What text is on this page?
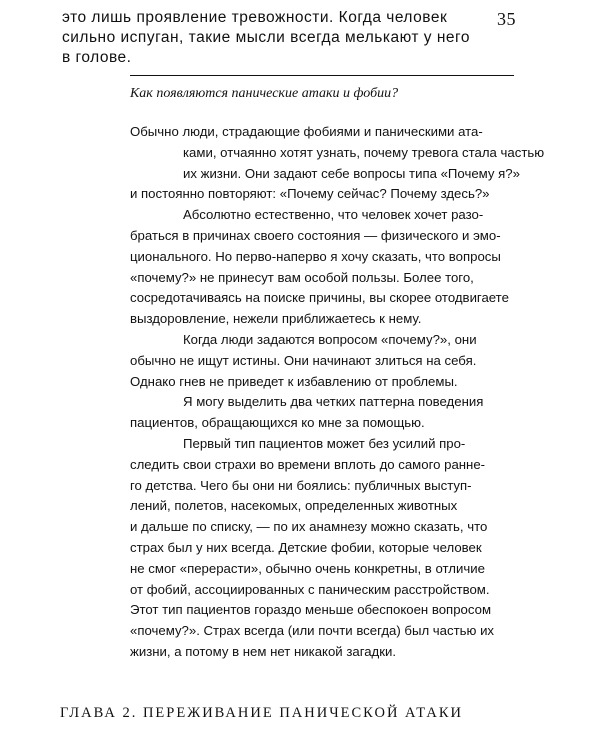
это лишь проявление тревожности. Когда человек
сильно испуган, такие мысли всегда мелькают у него
в голове.
35
Как появляются панические атаки и фобии?
Обычно люди, страдающие фобиями и паническими ата-
ками, отчаянно хотят узнать, почему тревога стала частью
их жизни. Они задают себе вопросы типа «Почему я?»
и постоянно повторяют: «Почему сейчас? Почему здесь?»
Абсолютно естественно, что человек хочет разо-
браться в причинах своего состояния — физического и эмо-
ционального. Но перво-наперво я хочу сказать, что вопросы
«почему?» не принесут вам особой пользы. Более того,
сосредотачиваясь на поиске причины, вы скорее отодвигаете
выздоровление, нежели приближаетесь к нему.
Когда люди задаются вопросом «почему?», они
обычно не ищут истины. Они начинают злиться на себя.
Однако гнев не приведет к избавлению от проблемы.
Я могу выделить два четких паттерна поведения
пациентов, обращающихся ко мне за помощью.
Первый тип пациентов может без усилий про-
следить свои страхи во времени вплоть до самого ранне-
го детства. Чего бы они ни боялись: публичных выступ-
лений, полетов, насекомых, определенных животных
и дальше по списку, — по их анамнезу можно сказать, что
страх был у них всегда. Детские фобии, которые человек
не смог «перерасти», обычно очень конкретны, в отличие
от фобий, ассоциированных с паническим расстройством.
Этот тип пациентов гораздо меньше обеспокоен вопросом
«почему?». Страх всегда (или почти всегда) был частью их
жизни, а потому в нем нет никакой загадки.
ГЛАВА 2. ПЕРЕЖИВАНИЕ ПАНИЧЕСКОЙ АТАКИ
